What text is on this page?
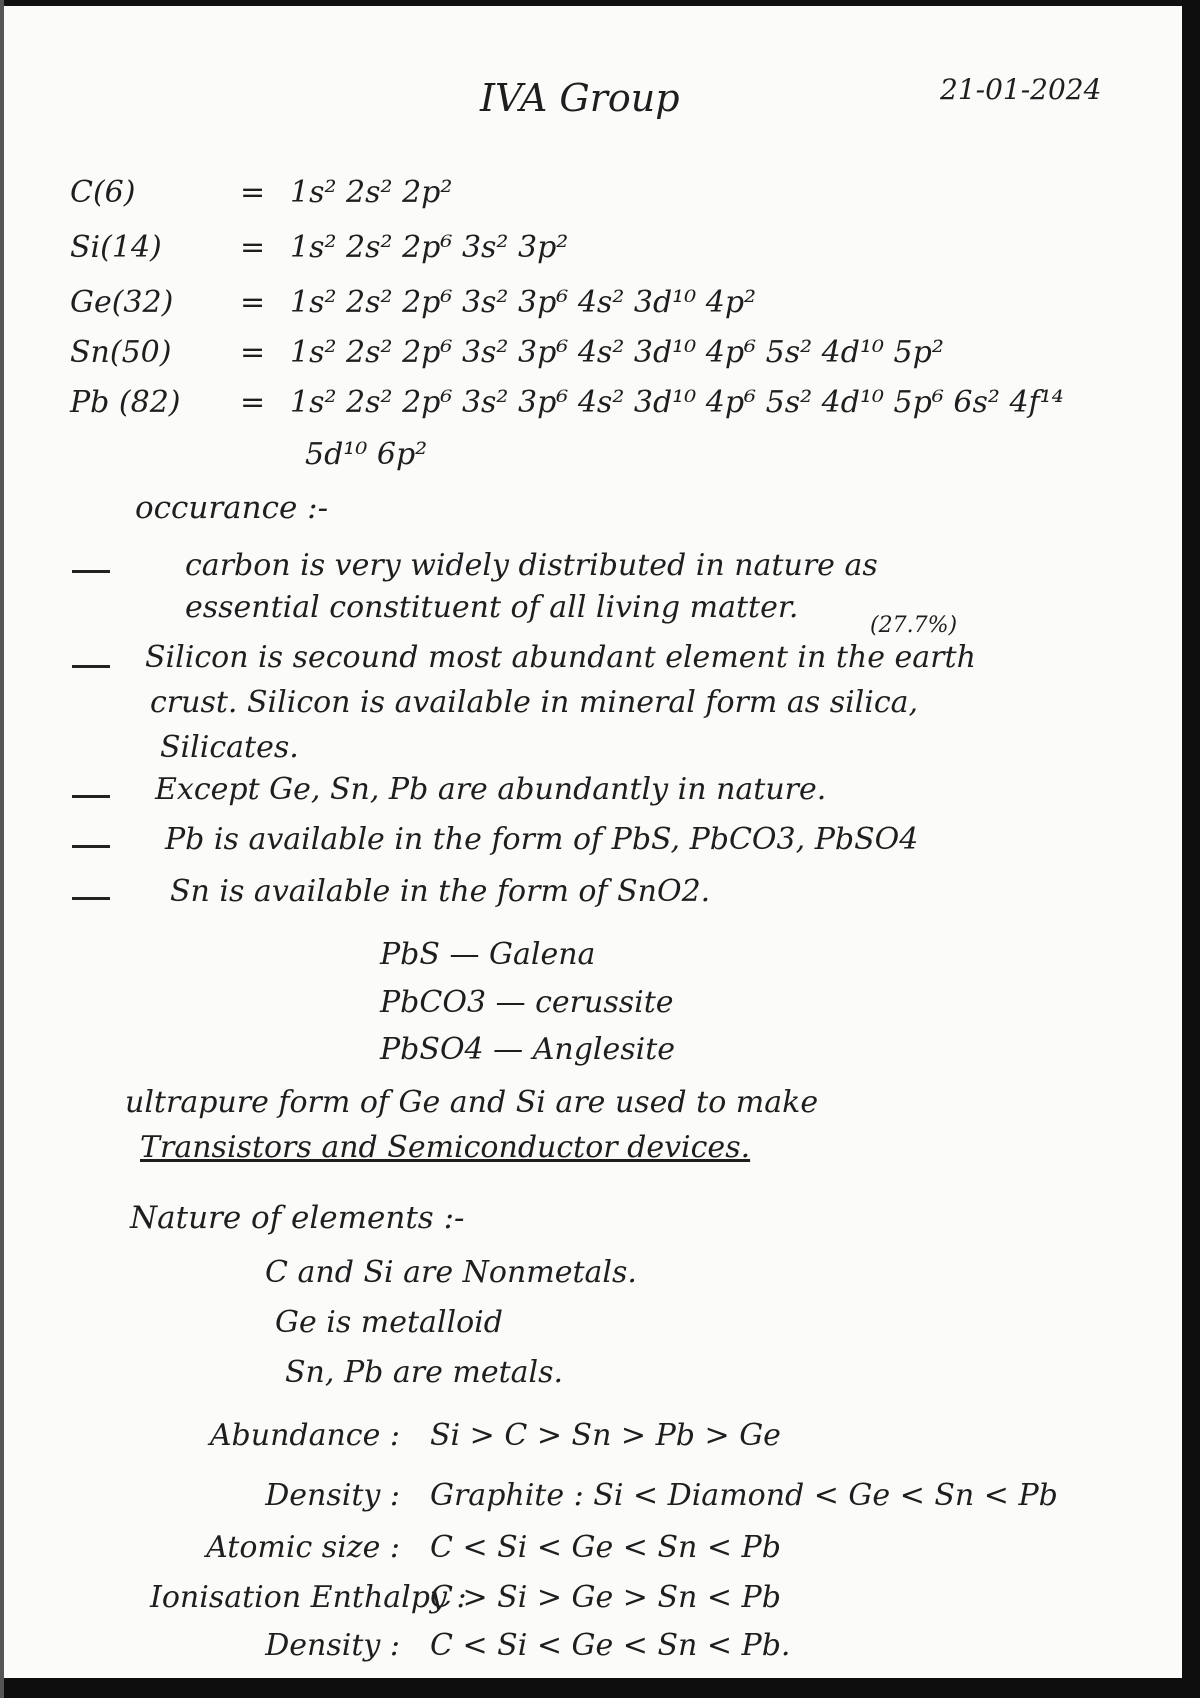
IVA Group	21-01-2024
C(6)	= 1s² 2s² 2p²
Si(14)	= 1s² 2s² 2p⁶ 3s² 3p²
Ge(32) = 1s² 2s² 2p⁶ 3s² 3p⁶ 4s² 3d¹⁰ 4p²
Sn(50) = 1s² 2s² 2p⁶ 3s² 3p⁶ 4s² 3d¹⁰ 4p⁶ 5s² 4d¹⁰ 5p²
Pb (82) = 1s² 2s² 2p⁶ 3s² 3p⁶ 4s² 3d¹⁰ 4p⁶ 5s² 4d¹⁰ 5p⁶ 6s² 4f¹⁴
5d¹⁰ 6p²
occurance :-
carbon is very widely distributed in nature as
essential constituent of all living matter.
(27.7%)
Silicon is secound most abundant element in the earth
crust. Silicon is available in mineral form as silica,
Silicates.
Except Ge, Sn, Pb are abundantly in nature.
Pb is available in the form of PbS, PbCO3, PbSO4
Sn is available in the form of SnO2.
PbS — Galena
PbCO3 — cerussite
PbSO4 — Anglesite
ultrapure form of Ge and Si are used to make
Transistors and Semiconductor devices.
Nature of elements :-
C and Si are Nonmetals.
Ge is metalloid
Sn, Pb are metals.
Abundance : Si > C > Sn > Pb > Ge
Density : Graphite : Si < Diamond < Ge < Sn < Pb
Atomic size : C < Si < Ge < Sn < Pb
Ionisation Enthalpy :C > Si > Ge > Sn < Pb
Density : C < Si < Ge < Sn < Pb.
